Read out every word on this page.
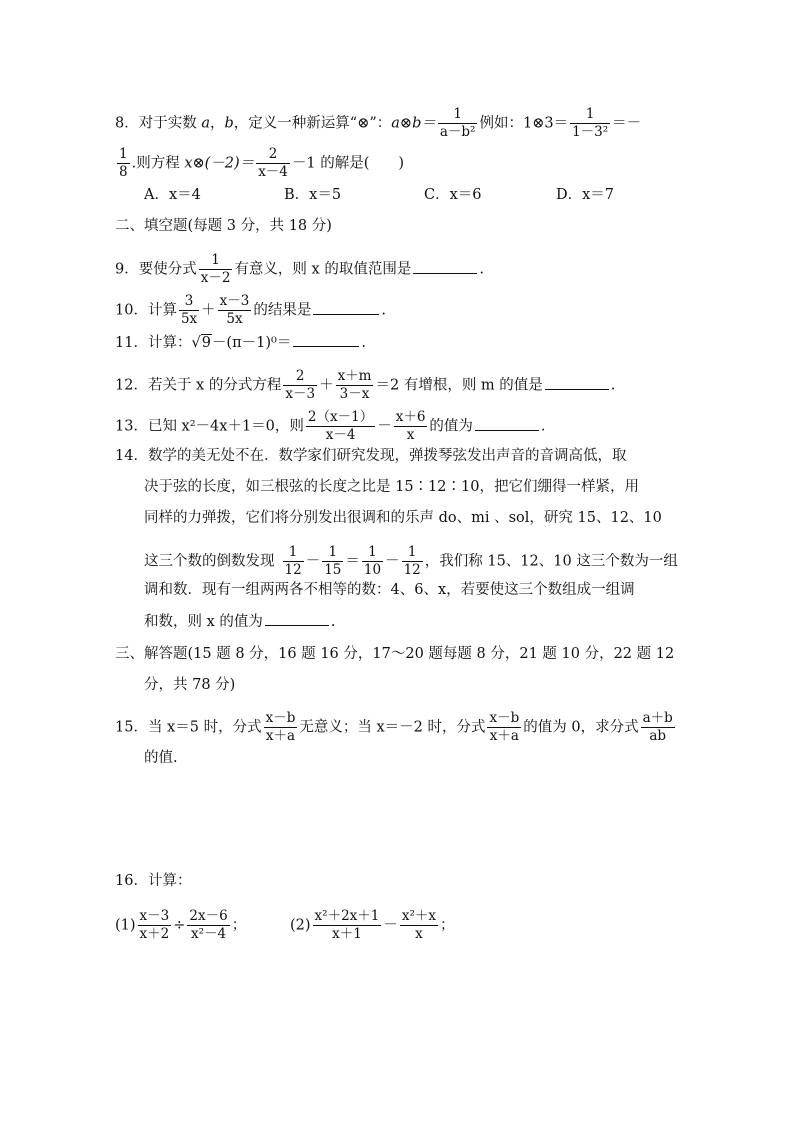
8．对于实数 a，b，定义一种新运算“⊗”：a⊗b＝ $\frac{1}{\text{a－b²}}$ 例如：1⊗3＝ $\frac{1}{\text{1－3²}}$ ＝－
$\frac{1}{8}$ .则方程 x⊗(－2)＝ $\frac{2}{x-4} -1$ 的解是(　　)
A．x＝4	B．x＝5	C．x＝6	D．x＝7
二、填空题(每题 3 分，共 18 分)
9．要使分式 $\frac{1}{x-2}$ 有意义，则 x 的取值范围是	.
10．计算 $\frac{3}{5x} + \frac{x-3}{5x}$ 的结果是	.
11．计算：√9－(π－1)⁰＝	.
12．若关于 x 的分式方程 $\frac{2}{x-3} + \frac{x+m}{3-x} =2$ 有增根，则 m 的值是	.
13．已知 x²－4x＋1＝0，则 $\frac{2(x-1)}{x-4} - \frac{x+6}{x}$ 的值为	.
14．数学的美无处不在．数学家们研究发现，弹拨琴弦发出声音的音调高低，取
决于弦的长度，如三根弦的长度之比是 15∶12∶10，把它们绷得一样紧，用
同样的力弹拨，它们将分别发出很调和的乐声 do、mi 、sol，研究 15、12、10
这三个数的倒数发现 $\frac{1}{12} - \frac{1}{15} = \frac{1}{10} - \frac{1}{12}$ ，我们称 15、12、10 这三个数为一组
调和数．现有一组两两各不相等的数：4、6、x，若要使这三个数组成一组调
和数，则 x 的值为	.
三、解答题(15 题 8 分，16 题 16 分，17～20 题每题 8 分，21 题 10 分，22 题 12
分，共 78 分)
15．当 x＝5 时，分式 $\frac{x-b}{x+a}$ 无意义；当 x＝－2 时，分式 $\frac{x-b}{x+a}$ 的值为 0，求分式 $\frac{a+b}{ab}$
的值.
16．计算：
$(1) \frac{x-3}{x+2} \div \frac{2x-6}{\text{x²－4}}$ ；	$(2) \frac{\text{x²＋2x＋1}}{x+1} - \frac{\text{x²＋x}}{x}$ ；
